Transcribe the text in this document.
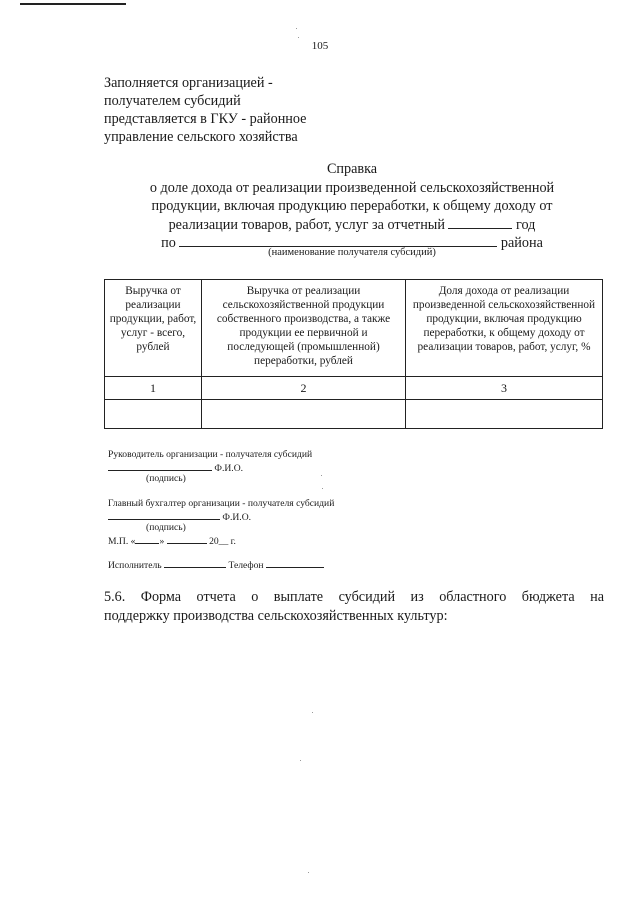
105
Заполняется организацией -
получателем субсидий
представляется в ГКУ - районное
управление сельского хозяйства
Справка
о доле дохода от реализации произведенной сельскохозяйственной
продукции, включая продукцию переработки, к общему доходу от
реализации товаров, работ, услуг за отчетный	год
по	района
(наименование получателя субсидий)
Выручка от реализации продукции, работ, услуг - всего, рублей	Выручка от реализации сельскохозяйственной продукции собственного производства, а также продукции ее первичной и последующей (промышленной) переработки, рублей	Доля дохода от реализации произведенной сельскохозяйственной продукции, включая продукцию переработки, к общему доходу от реализации товаров, работ, услуг, %
1	2	3

Руководитель организации - получателя субсидий
Ф.И.О.
(подпись)
Главный бухгалтер организации - получателя субсидий
Ф.И.О.
(подпись)
М.П. «	»	20__ г.
Исполнитель	Телефон
5.6. Форма отчета о выплате субсидий из областного бюджета на
поддержку производства сельскохозяйственных культур:
